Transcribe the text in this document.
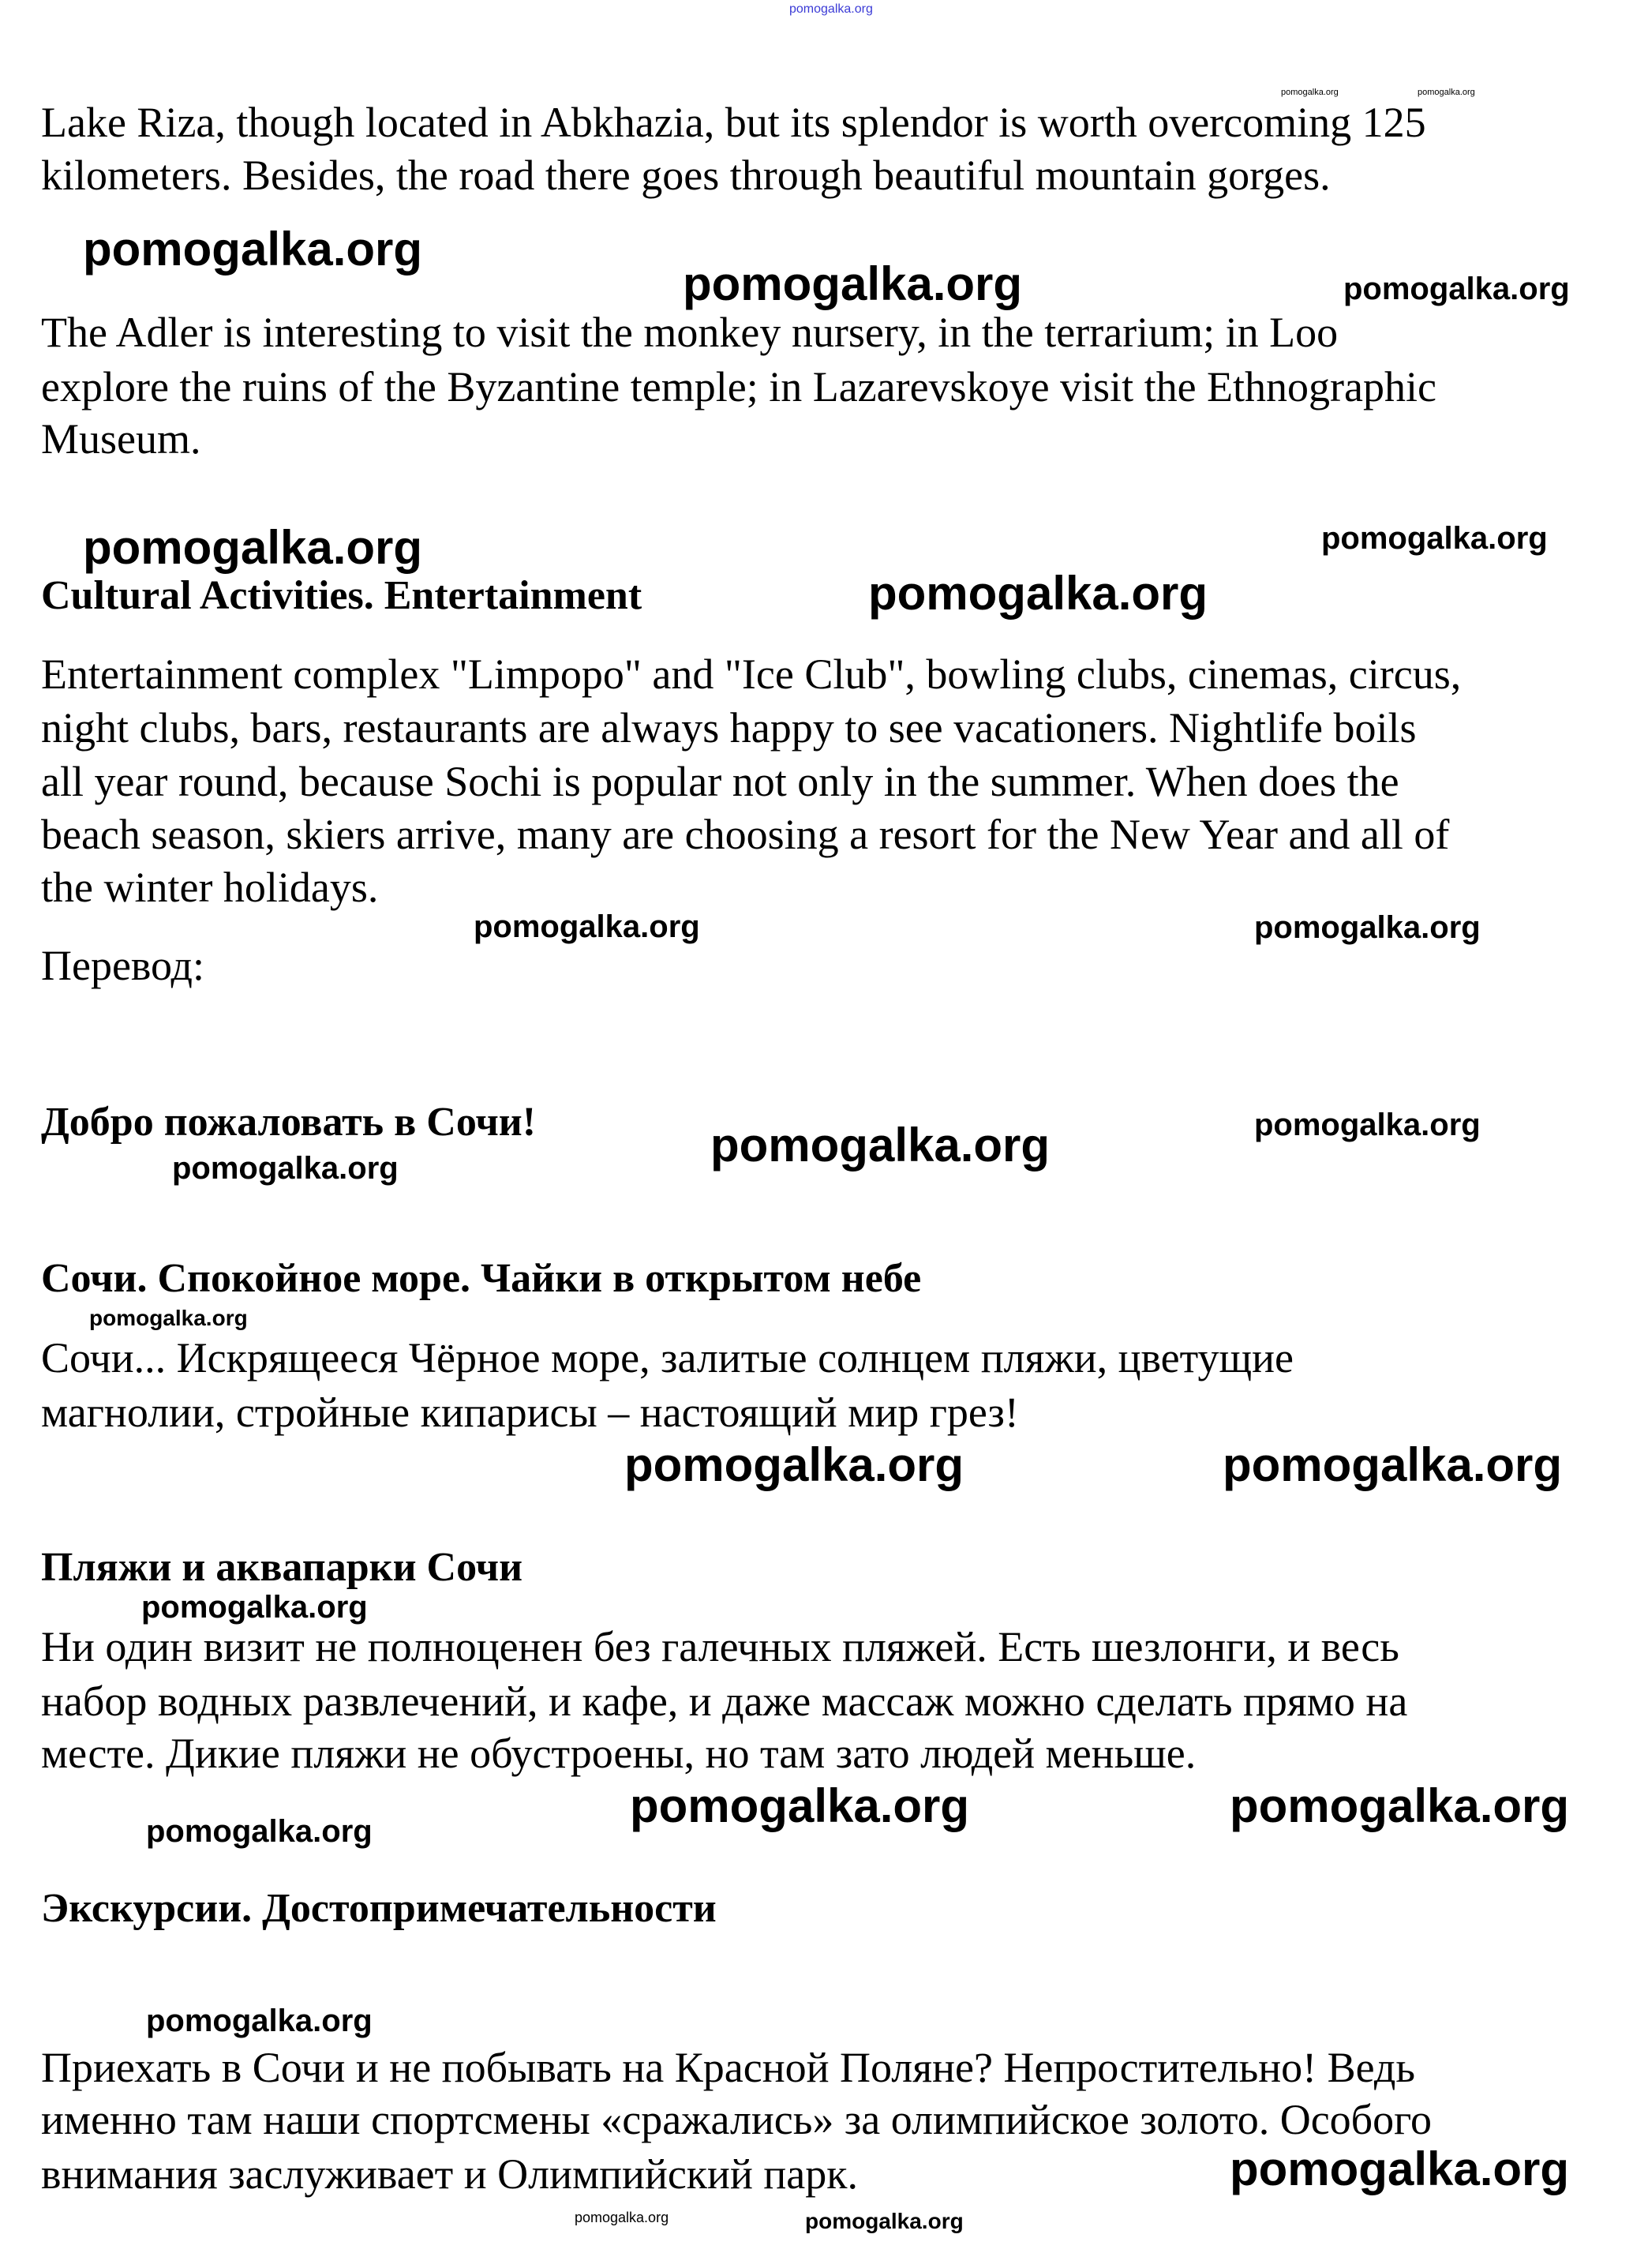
pomogalka.org
Lake Riza, though located in Abkhazia, but its splendor is worth overcoming 125
kilometers. Besides, the road there goes through beautiful mountain gorges.
The Adler is interesting to visit the monkey nursery, in the terrarium; in Loo
explore the ruins of the Byzantine temple; in Lazarevskoye visit the Ethnographic
Museum.
Cultural Activities. Entertainment
Entertainment complex "Limpopo" and "Ice Club", bowling clubs, cinemas, circus,
night clubs, bars, restaurants are always happy to see vacationers. Nightlife boils
all year round, because Sochi is popular not only in the summer. When does the
beach season, skiers arrive, many are choosing a resort for the New Year and all of
the winter holidays.
Перевод:
Добро пожаловать в Сочи!
Сочи. Спокойное море. Чайки в открытом небе
Сочи... Искрящееся Чёрное море, залитые солнцем пляжи, цветущие
магнолии, стройные кипарисы – настоящий мир грез!
Пляжи и аквапарки Сочи
Ни один визит не полноценен без галечных пляжей. Есть шезлонги, и весь
набор водных развлечений, и кафе, и даже массаж можно сделать прямо на
месте. Дикие пляжи не обустроены, но там зато людей меньше.
Экскурсии. Достопримечательности
Приехать в Сочи и не побывать на Красной Поляне? Непростительно! Ведь
именно там наши спортсмены «сражались» за олимпийское золото. Особого
внимания заслуживает и Олимпийский парк.
pomogalka.org	pomogalka.org
pomogalka.org
pomogalka.org	pomogalka.org
pomogalka.org	pomogalka.org
pomogalka.org
pomogalka.org
pomogalka.org
pomogalka.org
pomogalka.org
pomogalka.org
pomogalka.org
pomogalka.org
pomogalka.org
pomogalka.org
pomogalka.org
pomogalka.org
pomogalka.org
pomogalka.org
pomogalka.org	pomogalka.org
pomogalka.org
